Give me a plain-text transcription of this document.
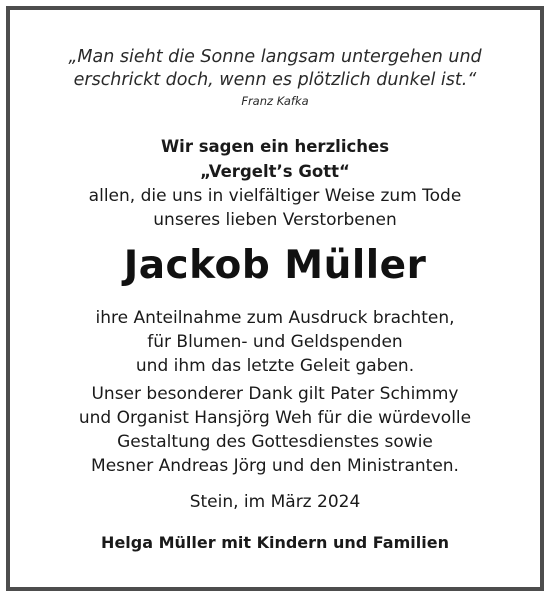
„Man sieht die Sonne langsam untergehen und
erschrickt doch, wenn es plötzlich dunkel ist.“
Franz Kafka
Wir sagen ein herzliches
„Vergelt’s Gott“
allen, die uns in vielfältiger Weise zum Tode
unseres lieben Verstorbenen
Jackob Müller
ihre Anteilnahme zum Ausdruck brachten,
für Blumen- und Geldspenden
und ihm das letzte Geleit gaben.
Unser besonderer Dank gilt Pater Schimmy
und Organist Hansjörg Weh für die würdevolle
Gestaltung des Gottesdienstes sowie
Mesner Andreas Jörg und den Ministranten.
Stein, im März 2024
Helga Müller mit Kindern und Familien
